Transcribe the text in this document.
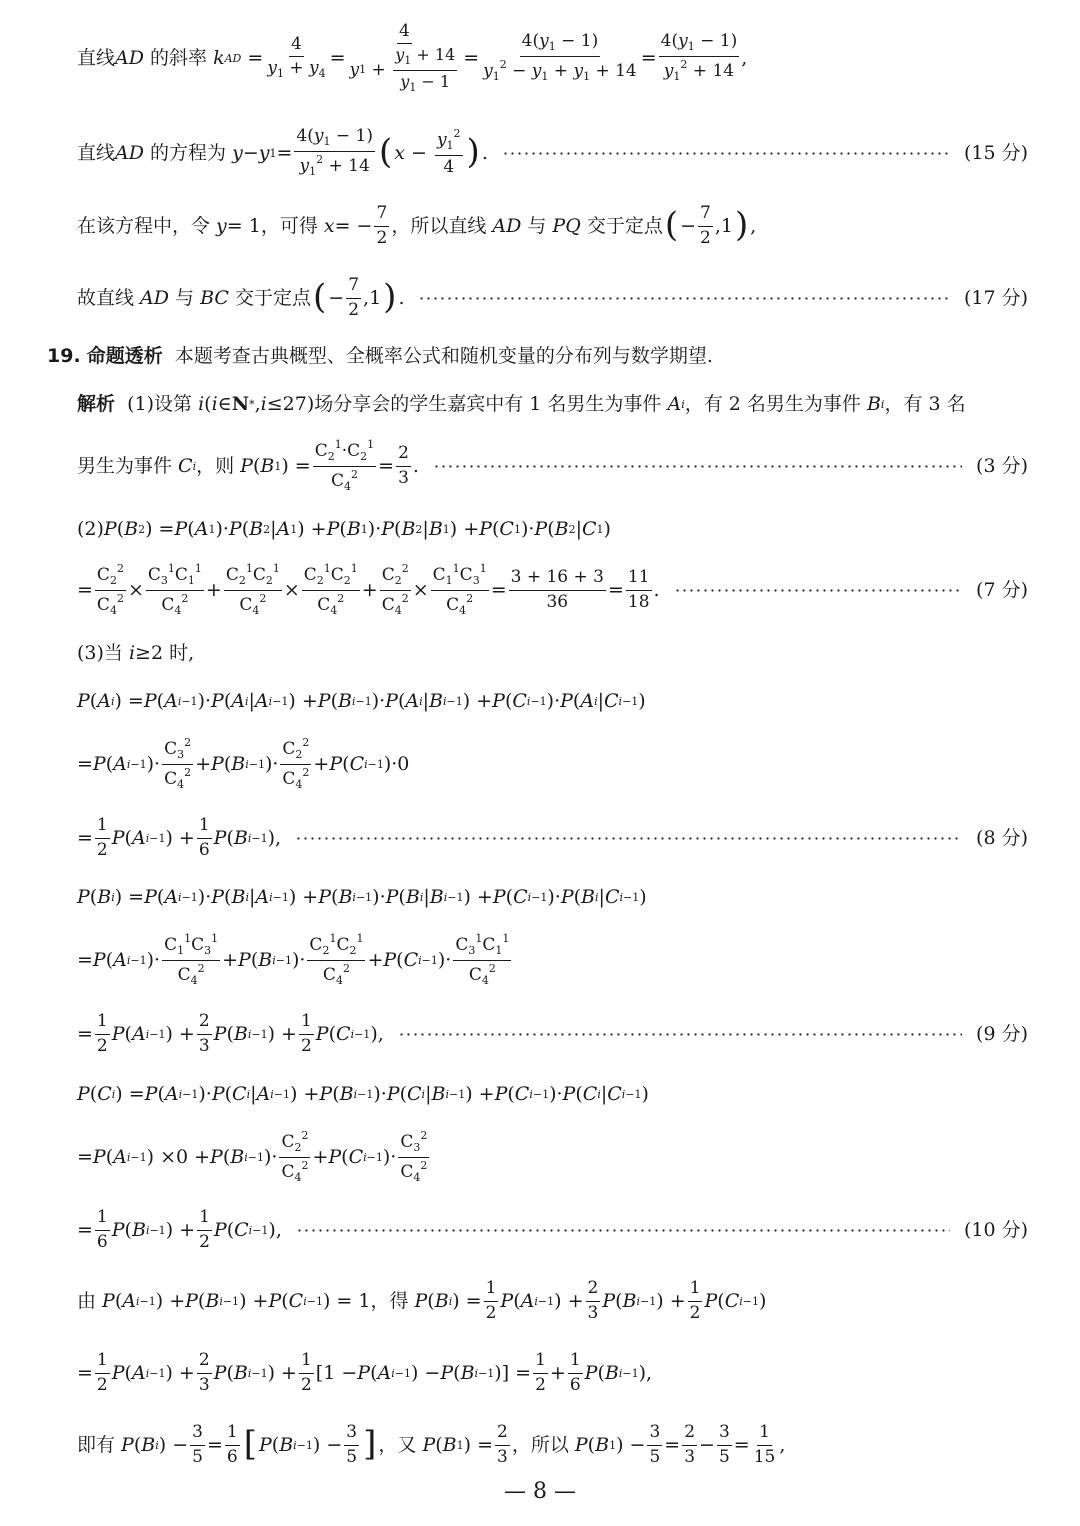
直线 AD 的斜率 k AD =
4
$y_1 + y_4$
=
4
y 1 +
$y_1 + 14$
$y_1 - 1$
=
$4(y_1 - 1)$
$y_1^2 - y_1 + y_1 + 14$
=
$4(y_1 - 1)$
$y_1^2 + 14$
,
直线 AD 的方程为 y − y 1 =
$4(y_1 - 1)$
$y_1^2 + 14$ ( x −
$y_1^2$
4 ) .	(15 分)
在该方程中，令 y = 1，可得 x = −
7
2
，所以直线 AD 与 PQ 交于定点 ( −
7
2
,1 ) ,
故直线 AD 与 BC 交于定点 ( −
7
2
,1 ) .	(17 分)
19.
命题透析
本题考查古典概型、全概率公式和随机变量的分布列与数学期望.
解析
(1)设第 i ( i ∈ N * , i ≤27)场分享会的学生嘉宾中有 1 名男生为事件 A i ，有 2 名男生为事件 B i ，有 3 名
男生为事件 C i ，则 P ( B 1 ) =
$C_2^1\cdot C_2^1$
$C_4^2$ =
2
3
.	(3 分)
(2) P ( B 2 ) = P ( A 1 )· P ( B 2 | A 1 ) + P ( B 1 )· P ( B 2 | B 1 ) + P ( C 1 )· P ( B 2 | C 1 )
=
$C_2^2$
$C_4^2$ ×
$C_3^1C_1^1$
$C_4^2$ +
$C_2^1C_2^1$
$C_4^2$ ×
$C_2^1C_2^1$
$C_4^2$ +
$C_2^2$
$C_4^2$ ×
$C_1^1C_3^1$
$C_4^2$ =
3 + 16 + 3
36
=
11
18
.	(7 分)
(3)当 i ≥2 时,
P ( A i ) = P ( A i−1 )· P ( A i | A i−1 ) + P ( B i−1 )· P ( A i | B i−1 ) + P ( C i−1 )· P ( A i | C i−1 )
= P ( A i−1 )·
$C_3^2$
$C_4^2 + P$ ( B i−1 )·
$C_2^2$
$C_4^2 + P$ ( C i−1 )·0
=
1
2
P ( A i−1 ) +
1
6
P ( B i−1 ),	(8 分)
P ( B i ) = P ( A i−1 )· P ( B i | A i−1 ) + P ( B i−1 )· P ( B i | B i−1 ) + P ( C i−1 )· P ( B i | C i−1 )
= P ( A i−1 )·
$C_1^1C_3^1$
$C_4^2 + P$ ( B i−1 )·
$C_2^1C_2^1$
$C_4^2 + P$ ( C i−1 )·
$C_3^1C_1^1$
$C_4^2$
=
1
2
P ( A i−1 ) +
2
3
P ( B i−1 ) +
1
2
P ( C i−1 ),	(9 分)
P ( C i ) = P ( A i−1 )· P ( C i | A i−1 ) + P ( B i−1 )· P ( C i | B i−1 ) + P ( C i−1 )· P ( C i | C i−1 )
= P ( A i−1 ) ×0 + P ( B i−1 )·
$C_2^2$
$C_4^2 + P$ ( C i−1 )·
$C_3^2$
$C_4^2$
=
1
6
P ( B i−1 ) +
1
2
P ( C i−1 ),	(10 分)
由 P ( A i−1 ) + P ( B i−1 ) + P ( C i−1 ) = 1，得 P ( B i ) =
1
2
P ( A i−1 ) +
2
3
P ( B i−1 ) +
1
2
P ( C i−1 )
=
1
2
P ( A i−1 ) +
2
3
P ( B i−1 ) +
1
2
[1 − P ( A i−1 ) − P ( B i−1 )] =
1
2
+
1
6
P ( B i−1 ),
即有 P ( B i ) −
3
5
=
1
6 [ P ( B i−1 ) −
3
5 ] ，又 P ( B 1 ) =
2
3
，所以 P ( B 1 ) −
3
5
=
2
3
−
3
5
=
1
15
,
— 8 —
